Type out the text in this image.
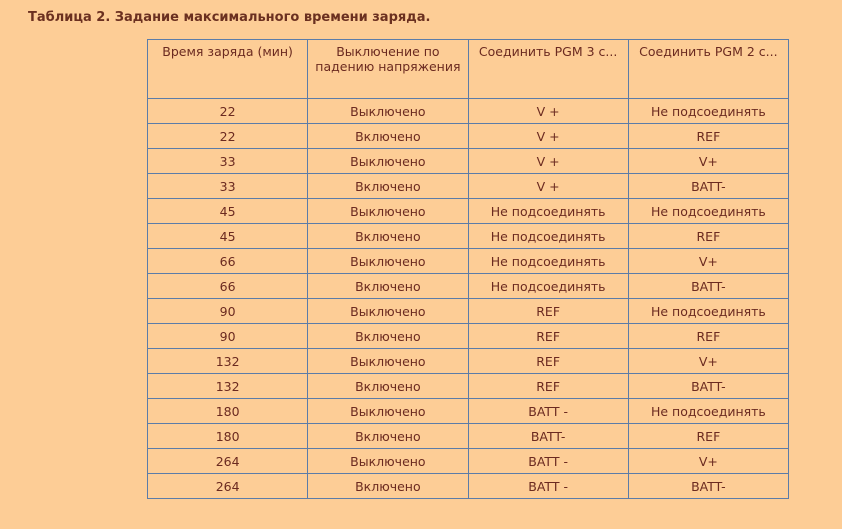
Таблица 2. Задание максимального времени заряда.
Время заряда (мин)	Выключение по падению напряжения	Соединить PGM 3 с...	Соединить PGM 2 с...
22	Выключено	V +	Не подсоединять
22	Включено	V +	REF
33	Выключено	V +	V+
33	Включено	V +	BATT-
45	Выключено	Не подсоединять	Не подсоединять
45	Включено	Не подсоединять	REF
66	Выключено	Не подсоединять	V+
66	Включено	Не подсоединять	BATT-
90	Выключено	REF	Не подсоединять
90	Включено	REF	REF
132	Выключено	REF	V+
132	Включено	REF	BATT-
180	Выключено	BATT -	Не подсоединять
180	Включено	BATT-	REF
264	Выключено	BATT -	V+
264	Включено	BATT -	BATT-
